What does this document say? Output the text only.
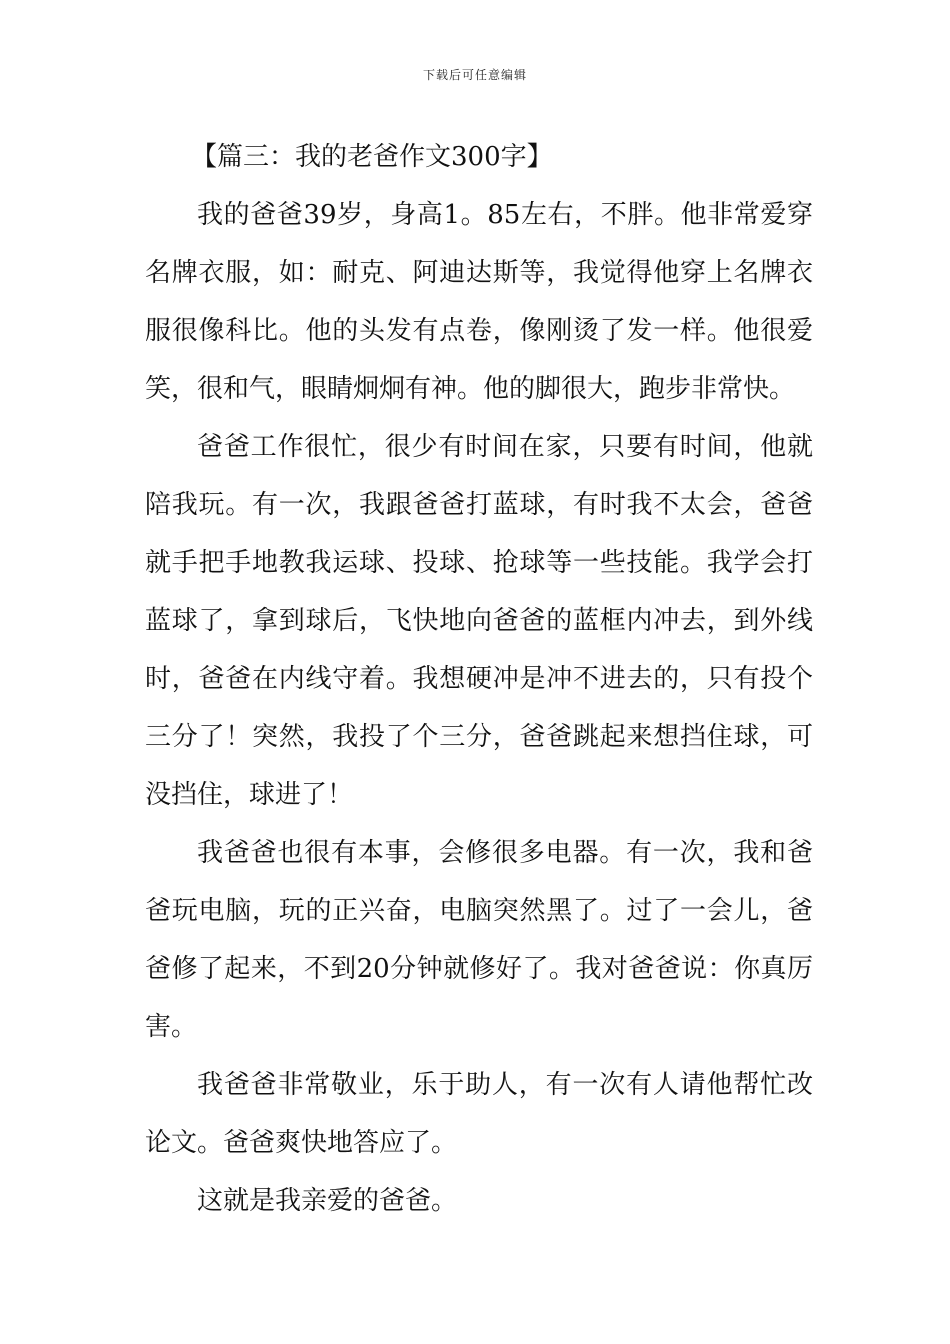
下载后可任意编辑
【篇三：我的老爸作文300字】

我的爸爸39岁，身高1。85左右，不胖。他非常爱穿名牌衣服，如：耐克、阿迪达斯等，我觉得他穿上名牌衣服很像科比。他的头发有点卷，像刚烫了发一样。他很爱笑，很和气，眼睛炯炯有神。他的脚很大，跑步非常快。

爸爸工作很忙，很少有时间在家，只要有时间，他就陪我玩。有一次，我跟爸爸打蓝球，有时我不太会，爸爸就手把手地教我运球、投球、抢球等一些技能。我学会打蓝球了，拿到球后，飞快地向爸爸的蓝框内冲去，到外线时，爸爸在内线守着。我想硬冲是冲不进去的，只有投个三分了！突然，我投了个三分，爸爸跳起来想挡住球，可没挡住，球进了！

我爸爸也很有本事，会修很多电器。有一次，我和爸爸玩电脑，玩的正兴奋，电脑突然黑了。过了一会儿，爸爸修了起来，不到20分钟就修好了。我对爸爸说：你真厉害。

我爸爸非常敬业，乐于助人，有一次有人请他帮忙改论文。爸爸爽快地答应了。

这就是我亲爱的爸爸。
